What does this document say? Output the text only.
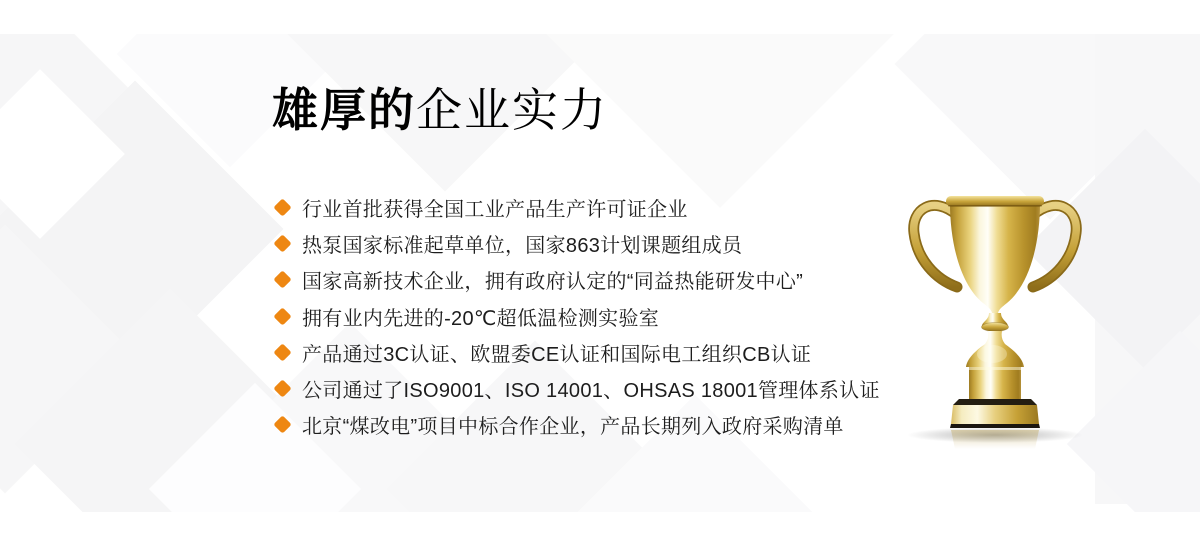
雄厚的企业实力
行业首批获得全国工业产品生产许可证企业
热泵国家标准起草单位，国家863计划课题组成员
国家高新技术企业，拥有政府认定的“同益热能研发中心”
拥有业内先进的-20℃超低温检测实验室
产品通过3C认证、欧盟委CE认证和国际电工组织CB认证
公司通过了ISO9001、ISO 14001、OHSAS 18001管理体系认证
北京“煤改电”项目中标合作企业，产品长期列入政府采购清单
